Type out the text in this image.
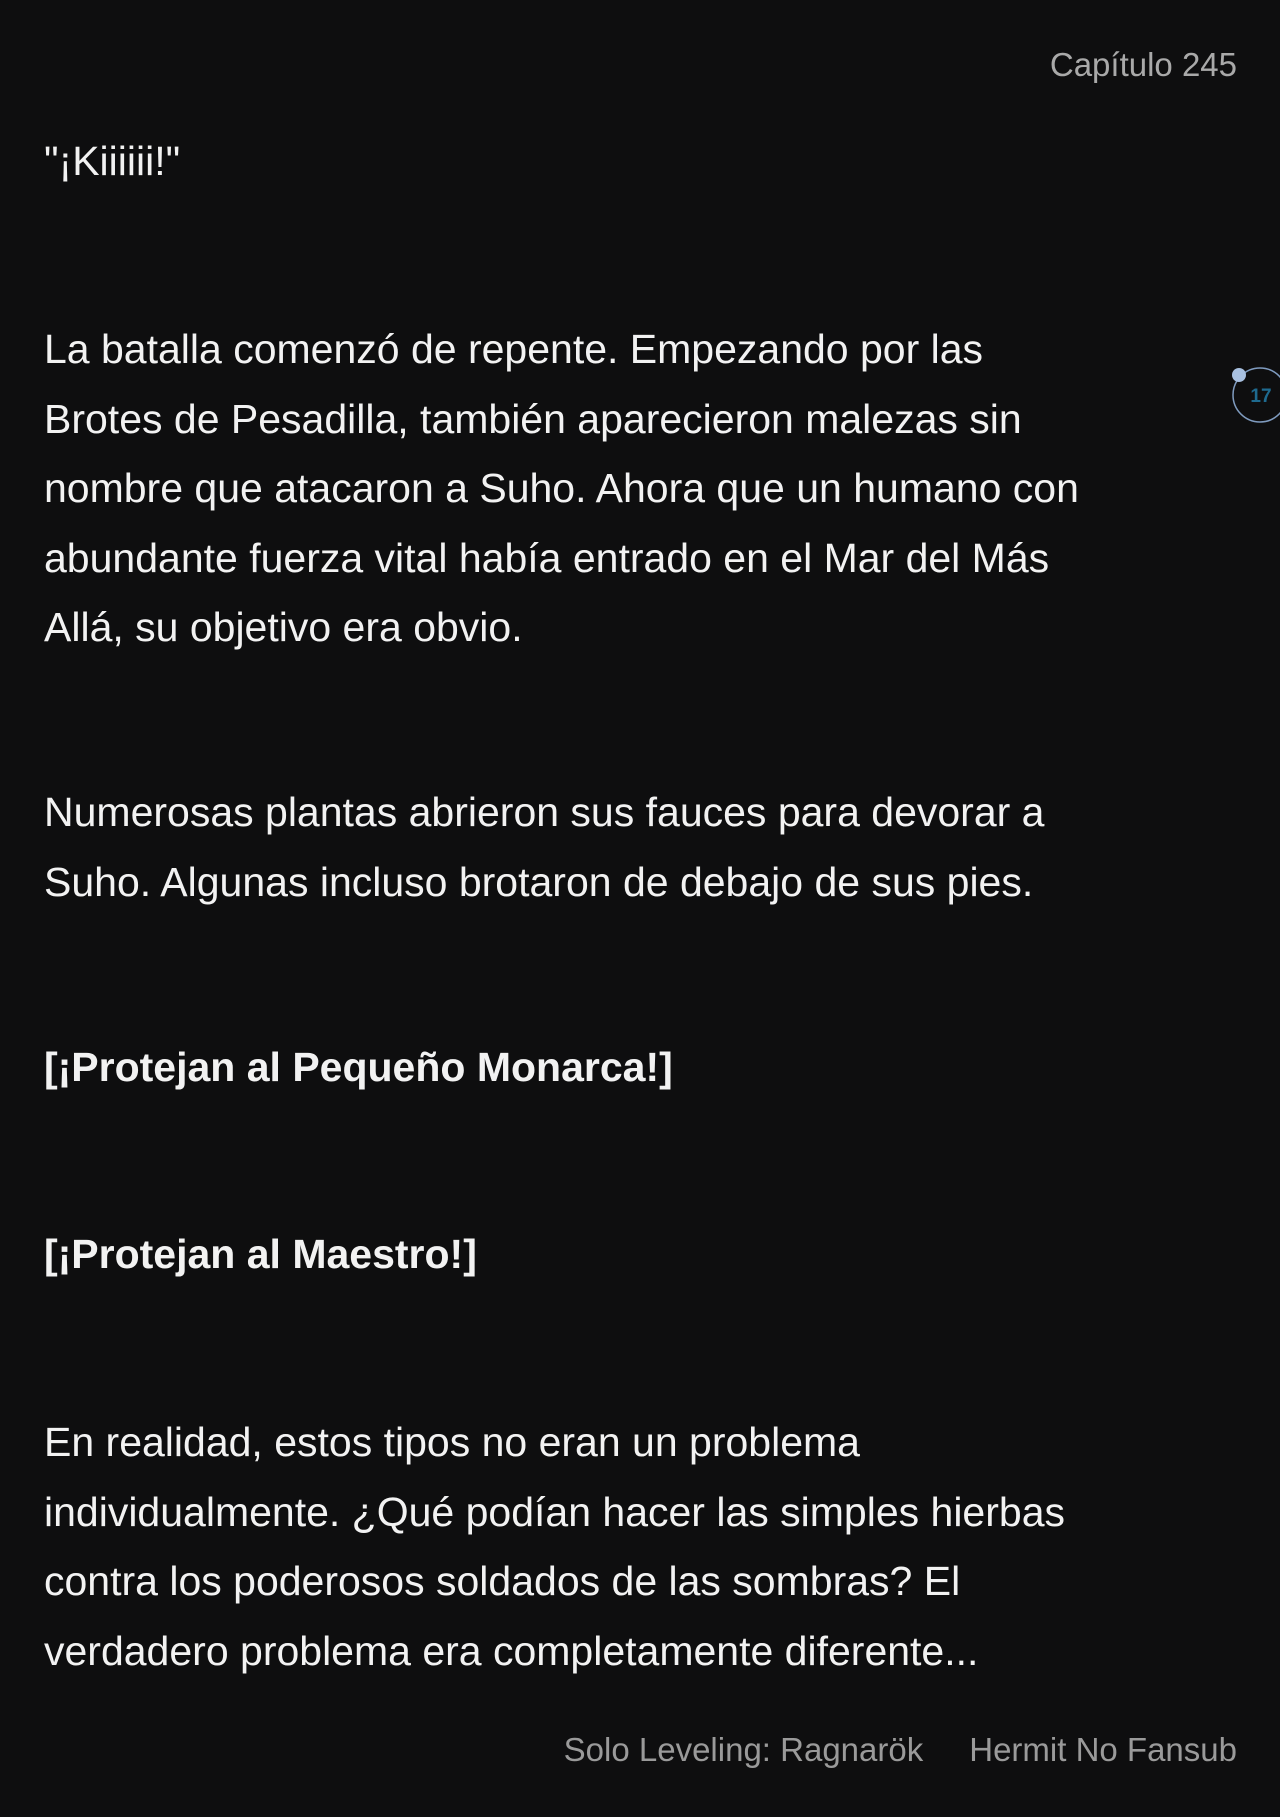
Capítulo 245

"¡Kiiiiii!"

La batalla comenzó de repente. Empezando por las
Brotes de Pesadilla, también aparecieron malezas sin
nombre que atacaron a Suho. Ahora que un humano con
abundante fuerza vital había entrado en el Mar del Más
Allá, su objetivo era obvio.

Numerosas plantas abrieron sus fauces para devorar a
Suho. Algunas incluso brotaron de debajo de sus pies.

[¡Protejan al Pequeño Monarca!]

[¡Protejan al Maestro!]

En realidad, estos tipos no eran un problema
individualmente. ¿Qué podían hacer las simples hierbas
contra los poderosos soldados de las sombras? El
verdadero problema era completamente diferente...

17
Solo Leveling: Ragnarök Hermit No Fansub
